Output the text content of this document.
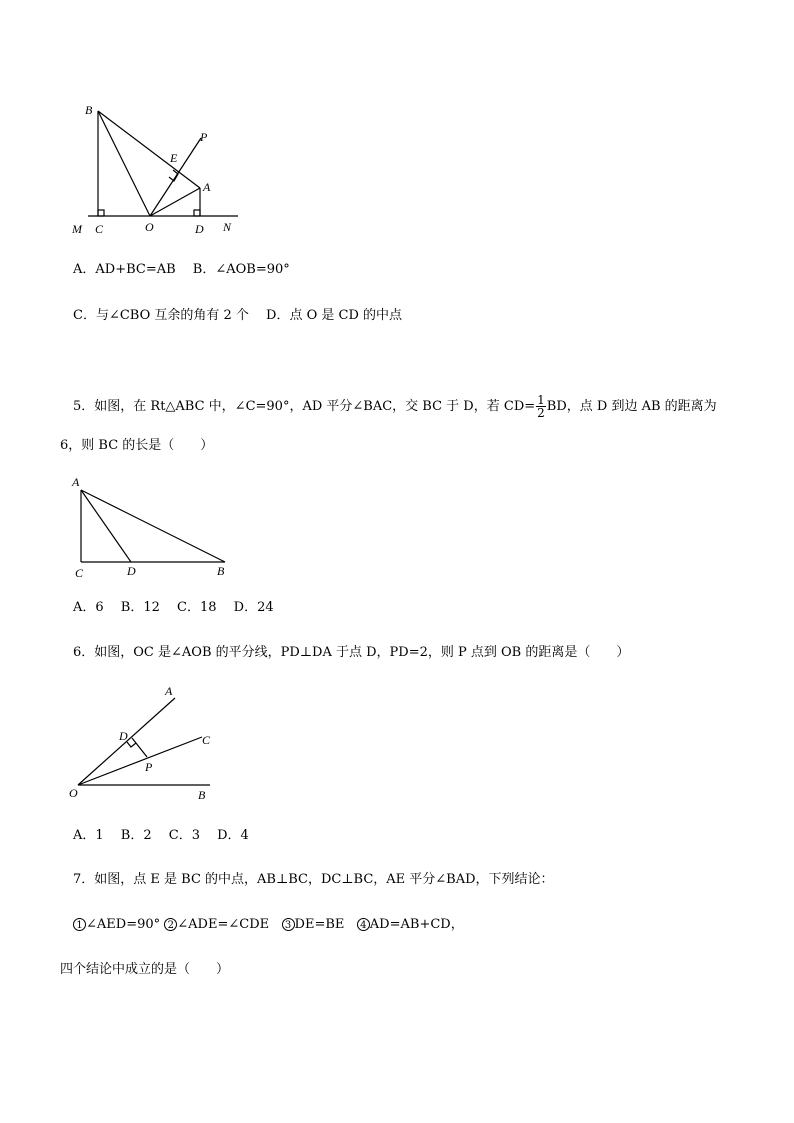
B
P
E
A
M C	O	D N
A．AD+BC=AB　 B．∠AOB=90°
C．与∠CBO 互余的角有 2 个　 D．点 O 是 CD 的中点
5．如图，在 Rt△ABC 中，∠C=90°，AD 平分∠BAC，交 BC 于 D，若 $CD= \frac{1}{2}$ BD，点 D 到边 AB 的距离为
6，则 BC 的长是（　　）
A
C	D	B
A．6　 B．12　 C．18　 D．24
6．如图，OC 是∠AOB 的平分线，PD⊥DA 于点 D，PD=2，则 P 点到 OB 的距离是（　　）
A
D	C
P
O	B
A．1　 B．2　 C．3　 D．4
7．如图，点 E 是 BC 的中点，AB⊥BC，DC⊥BC，AE 平分∠BAD，下列结论：
1 ∠AED=90° 2 ∠ADE=∠CDE 3 DE=BE 4 AD=AB+CD，
四个结论中成立的是（　　）
